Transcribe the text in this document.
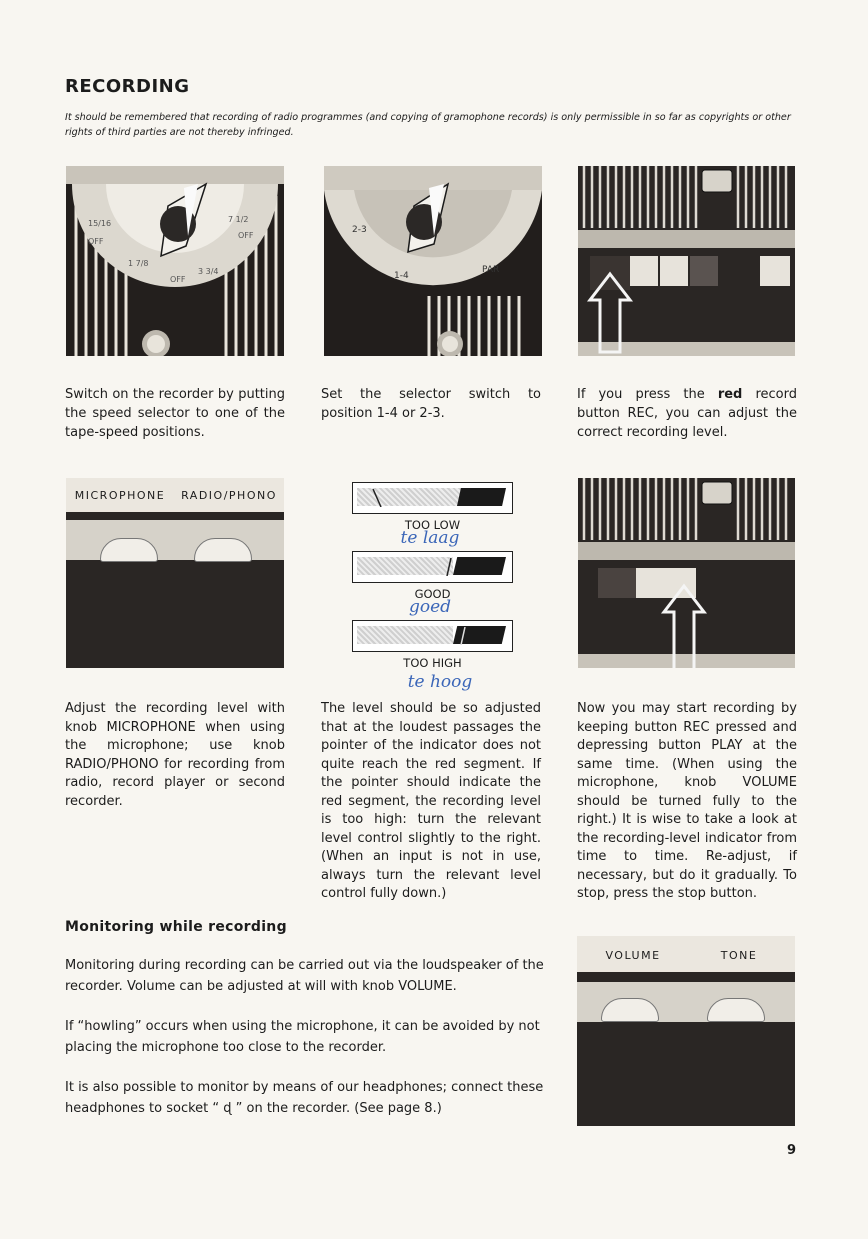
RECORDING
It should be remembered that recording of radio programmes (and copying of gramophone records) is only permissible in so far as copyrights or other rights of third parties are not thereby infringed.
15/16	7 1/2
OFF
OFF
1 7/8
3 3/4
OFF
2-3
1-4
PAR
Switch on the recorder by putting the speed selector to one of the tape-speed positions.
Set the selector switch to position 1-4 or 2-3.
If you press the red record button REC, you can adjust the correct recording level.
MICROPHONE	RADIO/PHONO
TOO LOW
te laag
GOOD
goed
TOO HIGH
te hoog
Adjust the recording level with knob MICROPHONE when using the microphone; use knob RADIO/PHONO for recording from radio, record player or second recorder.
The level should be so adjusted that at the loudest passages the pointer of the indicator does not quite reach the red segment. If the pointer should indicate the red segment, the recording level is too high: turn the relevant level control slightly to the right. (When an input is not in use, always turn the relevant level control fully down.)
Now you may start recording by keeping button REC pressed and depressing button PLAY at the same time. (When using the microphone, knob VOLUME should be turned fully to the right.) It is wise to take a look at the recording-level indicator from time to time. Re-adjust, if necessary, but do it gradually. To stop, press the stop button.
Monitoring while recording
Monitoring during recording can be carried out via the loudspeaker of the recorder. Volume can be adjusted at will with knob VOLUME.
If “howling” occurs when using the microphone, it can be avoided by not placing the microphone too close to the recorder.
It is also possible to monitor by means of our headphones; connect these headphones to socket “ ɖ ” on the recorder. (See page 8.)
VOLUME	TONE
9
